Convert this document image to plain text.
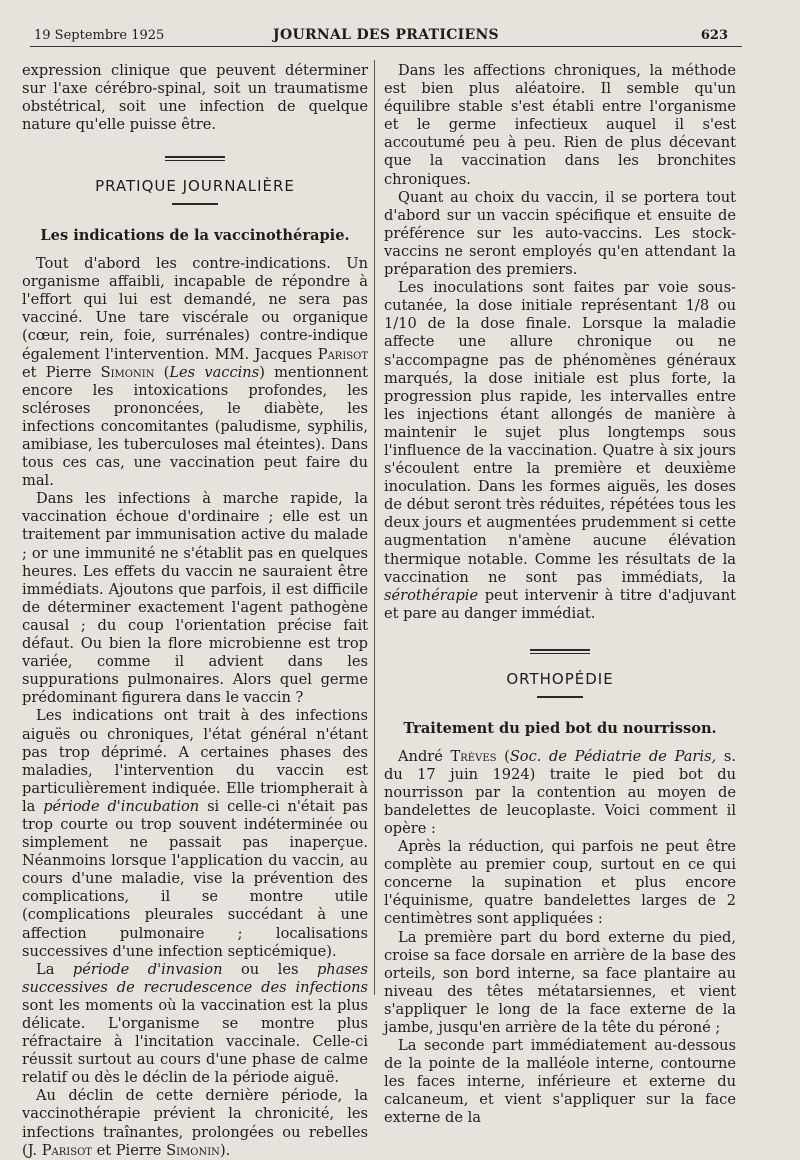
19 Septembre 1925	JOURNAL DES PRATICIENS	623

expression clinique que peuvent déterminer sur l'axe cérébro-spinal, soit un traumatisme obstétrical, soit une infection de quelque nature qu'elle puisse être.

PRATIQUE JOURNALIÈRE
Les indications de la vaccinothérapie.

Tout d'abord les contre-indications. Un organisme affaibli, incapable de répondre à l'effort qui lui est demandé, ne sera pas vacciné. Une tare viscérale ou organique (cœur, rein, foie, surrénales) contre-indique également l'intervention. MM. Jacques Parisot et Pierre Simonin (Les vaccins) mentionnent encore les intoxications profondes, les scléroses prononcées, le diabète, les infections concomitantes (paludisme, syphilis, amibiase, les tuberculoses mal éteintes). Dans tous ces cas, une vaccination peut faire du mal.

Dans les infections à marche rapide, la vaccination échoue d'ordinaire ; elle est un traitement par immunisation active du malade ; or une immunité ne s'établit pas en quelques heures. Les effets du vaccin ne sauraient être immédiats. Ajoutons que parfois, il est difficile de déterminer exactement l'agent pathogène causal ; du coup l'orientation précise fait défaut. Ou bien la flore microbienne est trop variée, comme il advient dans les suppurations pulmonaires. Alors quel germe prédominant figurera dans le vaccin ?

Les indications ont trait à des infections aiguës ou chroniques, l'état général n'étant pas trop déprimé. A certaines phases des maladies, l'intervention du vaccin est particulièrement indiquée. Elle triompherait à la période d'incubation si celle-ci n'était pas trop courte ou trop souvent indéterminée ou simplement ne passait pas inaperçue. Néanmoins lorsque l'application du vaccin, au cours d'une maladie, vise la prévention des complications, il se montre utile (complications pleurales succédant à une affection pulmonaire ; localisations successives d'une infection septicémique).

La période d'invasion ou les phases successives de recrudescence des infections sont les moments où la vaccination est la plus délicate. L'organisme se montre plus réfractaire à l'incitation vaccinale. Celle-ci réussit surtout au cours d'une phase de calme relatif ou dès le déclin de la période aiguë.

Au déclin de cette dernière période, la vaccinothérapie prévient la chronicité, les infections traînantes, prolongées ou rebelles (J. Parisot et Pierre Simonin).

Dans les affections chroniques, la méthode est bien plus aléatoire. Il semble qu'un équilibre stable s'est établi entre l'organisme et le germe infectieux auquel il s'est accoutumé peu à peu. Rien de plus décevant que la vaccination dans les bronchites chroniques.

Quant au choix du vaccin, il se portera tout d'abord sur un vaccin spécifique et ensuite de préférence sur les auto-vaccins. Les stock-vaccins ne seront employés qu'en attendant la préparation des premiers.

Les inoculations sont faites par voie sous-cutanée, la dose initiale représentant 1/8 ou 1/10 de la dose finale. Lorsque la maladie affecte une allure chronique ou ne s'accompagne pas de phénomènes généraux marqués, la dose initiale est plus forte, la progression plus rapide, les intervalles entre les injections étant allongés de manière à maintenir le sujet plus longtemps sous l'influence de la vaccination. Quatre à six jours s'écoulent entre la première et deuxième inoculation. Dans les formes aiguës, les doses de début seront très réduites, répétées tous les deux jours et augmentées prudemment si cette augmentation n'amène aucune élévation thermique notable. Comme les résultats de la vaccination ne sont pas immédiats, la sérothérapie peut intervenir à titre d'adjuvant et pare au danger immédiat.

ORTHOPÉDIE
Traitement du pied bot du nourrisson.

André Trèves (Soc. de Pédiatrie de Paris, s. du 17 juin 1924) traite le pied bot du nourrisson par la contention au moyen de bandelettes de leucoplaste. Voici comment il opère :

Après la réduction, qui parfois ne peut être complète au premier coup, surtout en ce qui concerne la supination et plus encore l'équinisme, quatre bandelettes larges de 2 centimètres sont appliquées :

La première part du bord externe du pied, croise sa face dorsale en arrière de la base des orteils, son bord interne, sa face plantaire au niveau des têtes métatarsiennes, et vient s'appliquer le long de la face externe de la jambe, jusqu'en arrière de la tête du péroné ;

La seconde part immédiatement au-dessous de la pointe de la malléole interne, contourne les faces interne, inférieure et externe du calcaneum, et vient s'appliquer sur la face externe de la
